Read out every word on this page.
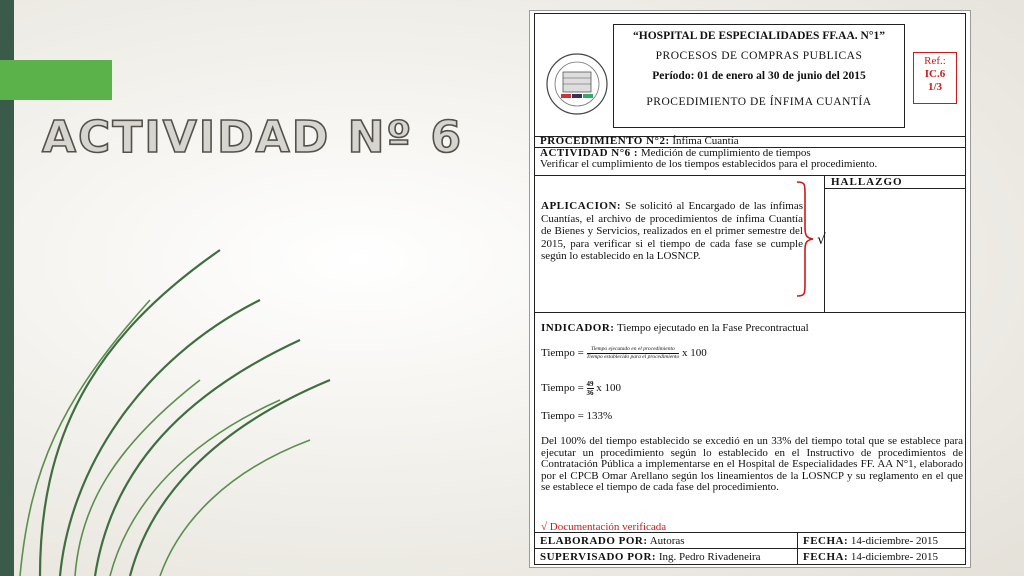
ACTIVIDAD Nº 6
“HOSPITAL DE ESPECIALIDADES FF.AA. N°1”
PROCESOS DE COMPRAS PUBLICAS
Período: 01 de enero al 30 de junio del 2015
PROCEDIMIENTO DE ÍNFIMA CUANTÍA
Ref.:
IC.6
1/3
PROCEDIMIENTO N°2: Ínfima Cuantía
ACTIVIDAD N°6 : Medición de cumplimiento de tiempos
Verificar el cumplimiento de los tiempos establecidos para el procedimiento.
APLICACION: Se solicitó al Encargado de las ínfimas Cuantías, el archivo de procedimientos de ínfima Cuantía de Bienes y Servicios, realizados en el primer semestre del 2015, para verificar si el tiempo de cada fase se cumple según lo establecido en la LOSNCP.
√
HALLAZGO
INDICADOR: Tiempo ejecutado en la Fase Precontractual
Tiempo = $\frac{\text{Tiempo ejecutado en el procedimiento}}{\text{Tiempo establecido para el procedimiento}}$ x 100
Tiempo = $\frac{49}{36}$ x 100
Tiempo = 133%
Del 100% del tiempo establecido se excedió en un 33% del tiempo total que se establece para ejecutar un procedimiento según lo establecido en el Instructivo de procedimientos de Contratación Pública a implementarse en el Hospital de Especialidades FF. AA N°1, elaborado por el CPCB Omar Arellano según los lineamientos de la LOSNCP y su reglamento en el que se establece el tiempo de cada fase del procedimiento.
√ Documentación verificada
ELABORADO POR: Autoras	FECHA: 14-diciembre- 2015
SUPERVISADO POR: Ing. Pedro Rivadeneira	FECHA: 14-diciembre- 2015
